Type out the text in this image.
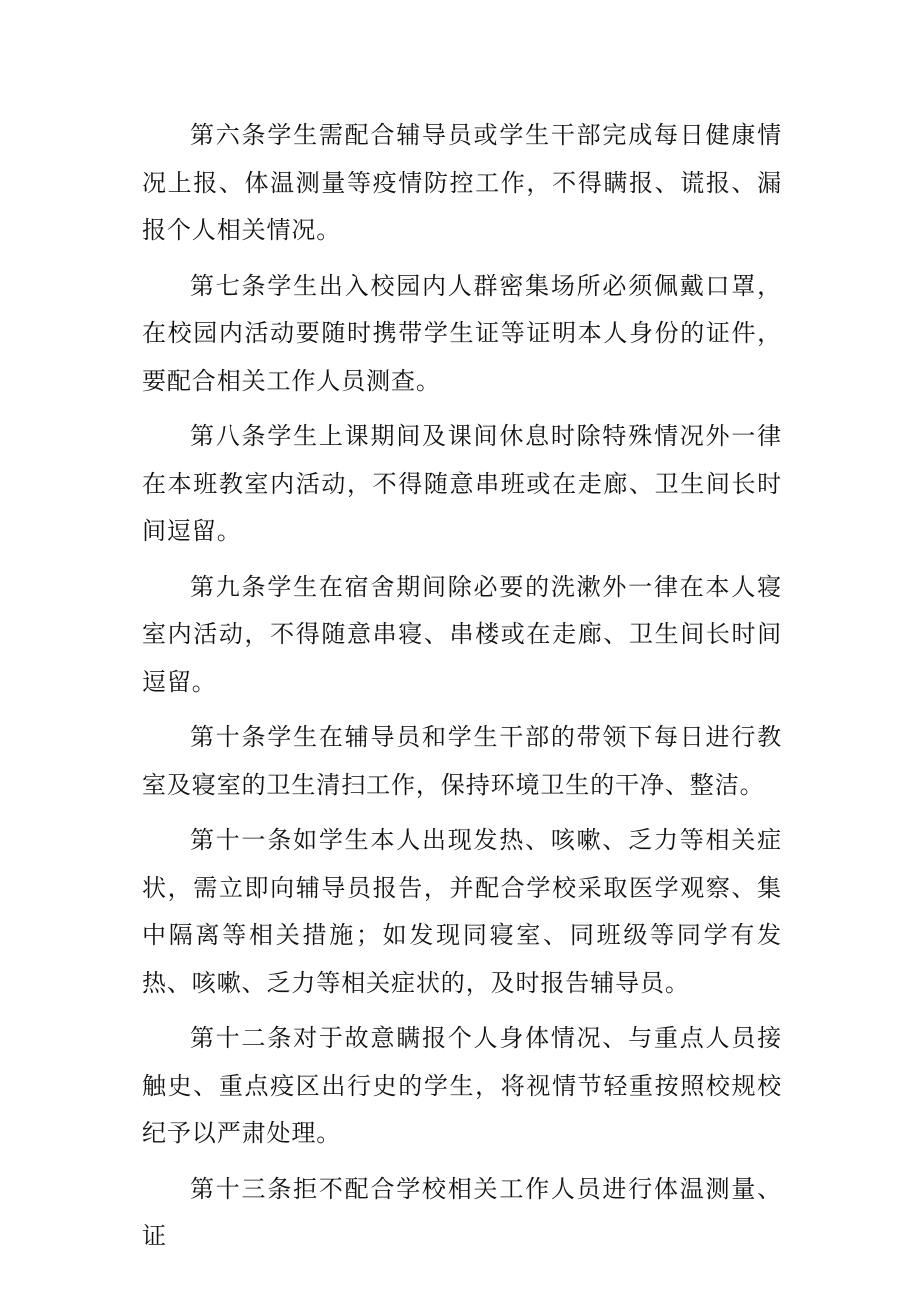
第六条学生需配合辅导员或学生干部完成每日健康情况上报、体温测量等疫情防控工作，不得瞒报、谎报、漏报个人相关情况。

第七条学生出入校园内人群密集场所必须佩戴口罩，在校园内活动要随时携带学生证等证明本人身份的证件，要配合相关工作人员测查。

第八条学生上课期间及课间休息时除特殊情况外一律在本班教室内活动，不得随意串班或在走廊、卫生间长时间逗留。

第九条学生在宿舍期间除必要的洗漱外一律在本人寝室内活动，不得随意串寝、串楼或在走廊、卫生间长时间逗留。

第十条学生在辅导员和学生干部的带领下每日进行教室及寝室的卫生清扫工作，保持环境卫生的干净、整洁。

第十一条如学生本人出现发热、咳嗽、乏力等相关症状，需立即向辅导员报告，并配合学校采取医学观察、集中隔离等相关措施；如发现同寝室、同班级等同学有发热、咳嗽、乏力等相关症状的，及时报告辅导员。

第十二条对于故意瞒报个人身体情况、与重点人员接触史、重点疫区出行史的学生，将视情节轻重按照校规校纪予以严肃处理。

第十三条拒不配合学校相关工作人员进行体温测量、证
